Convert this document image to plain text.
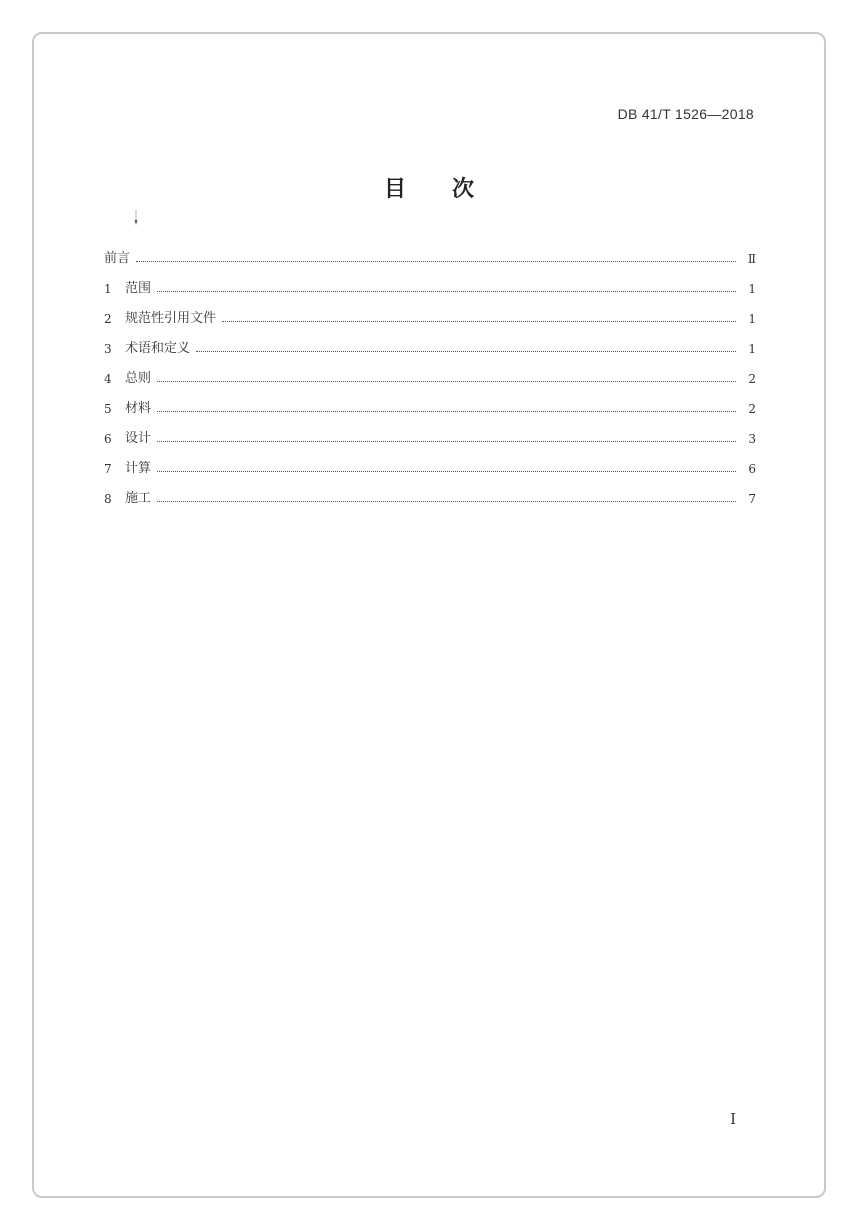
DB 41/T 1526—2018
目次
前言	Ⅱ
1	范围	1
2	规范性引用文件	1
3	术语和定义	1
4	总则	2
5	材料	2
6	设计	3
7	计算	6
8	施工	7
I
